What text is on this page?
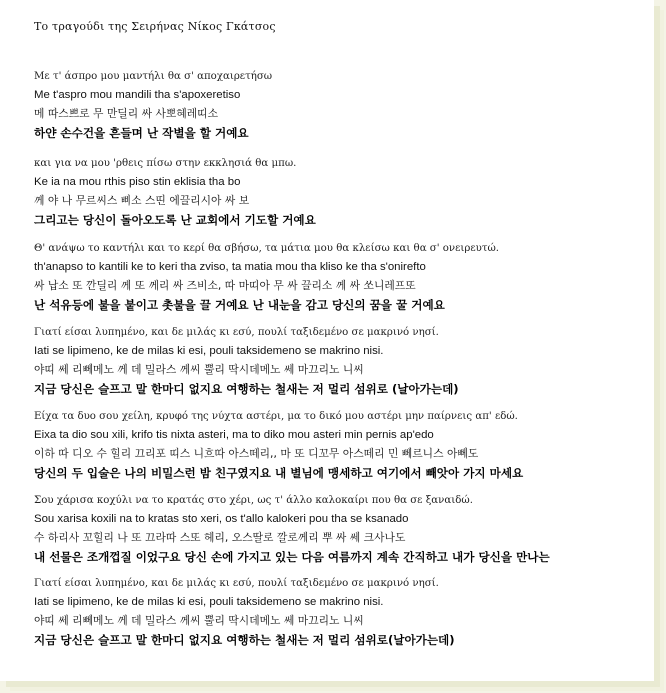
Το τραγούδι της Σειρήνας Νίκος Γκάτσος
Με τ' άσπρο μου μαντήλι θα σ' αποχαιρετήσω
Me t'aspro mou mandili tha s'apoxeretiso
메 따스쁘로 무 만딜리 싸 사뽀혜레띠소
하얀 손수건을 흔들며 난 작별을 할 거예요
και για να μου 'ρθεις πίσω στην εκκλησιά θα μπω.
Ke ia na mou rthis piso stin eklisia tha bo
께 야 나 무르씨스 삐소 스띤 에끌리시아 싸 보
그리고는 당신이 돌아오도록 난 교회에서 기도할 거예요
Θ' ανάψω το καντήλι και το κερί θα σβήσω, τα μάτια μου θα κλείσω και θα σ' ονειρευτώ.
th'anapso to kantili ke to keri tha zviso, ta matia mou tha kliso ke tha s'onirefto
싸 납소 또 깐딜리 께 또 께리 싸 즈비소, 따 마띠아 무 싸 끌리소 께 싸 쏘니레프또
난 석유등에 불을 붙이고 촛불을 끌 거예요 난 내눈을 감고 당신의 꿈을 꿀 거예요
Γιατί είσαι λυπημένο, και δε μιλάς κι εσύ, πουλί ταξιδεμένο σε μακρινό νησί.
Iati se lipimeno, ke de milas ki esi, pouli taksidemeno se makrino nisi.
야띠 쎄 리뻬메노 께 데 밀라스 께씨 뿔리 딱시데메노 쎄 마끄리노 니씨
지금 당신은 슬프고 말 한마디 없지요 여행하는 철새는 저 멀리 섬위로 (날아가는데)
Είχα τα δυο σου χείλη, κρυφό της νύχτα αστέρι, μα το δικό μου αστέρι μην παίρνεις απ' εδώ.
Eixa ta dio sou xili, krifo tis nixta asteri, ma to diko mou asteri min pernis ap'edo
이하 따 디오 수 힐리 끄리포 띠스 니흐따 아스떼리,, 마 또 디꼬무 아스떼리 민 뻬르니스 아뻬도
당신의 두 입술은 나의 비밀스런 밤 친구였지요 내 별님에 맹세하고 여기에서 빼앗아 가지 마세요
Σου χάρισα κοχύλι να το κρατάς στο χέρι, ως τ' άλλο καλοκαίρι που θα σε ξαναιδώ.
Sou xarisa koxili na to kratas sto xeri, os t'allo kalokeri pou tha se ksanado
수 하리사 꼬힐리 나 또 끄라따 스또 헤리, 오스딸로 깔로께리 뿌 싸 쎄 크사나도
내 선물은 조개껍질 이었구요 당신 손에 가지고 있는 다음 여름까지 계속 간직하고 내가 당신을 만나는
Γιατί είσαι λυπημένο, και δε μιλάς κι εσύ, πουλί ταξιδεμένο σε μακρινό νησί.
Iati se lipimeno, ke de milas ki esi, pouli taksidemeno se makrino nisi.
야띠 쎄 리뻬메노 께 데 밀라스 께씨 뿔리 딱시데메노 쎄 마끄리노 니씨
지금 당신은 슬프고 말 한마디 없지요 여행하는 철새는 저 멀리 섬위로(날아가는데)
